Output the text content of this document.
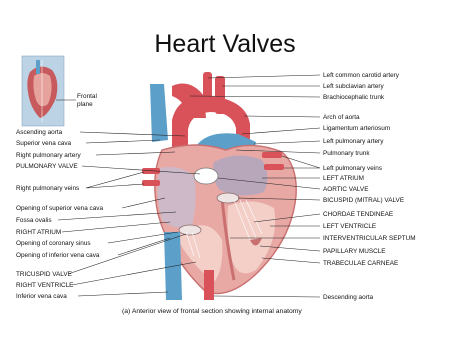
Heart Valves
Frontal
plane
Ascending aorta
Superior vena cava
Right pulmonary artery
PULMONARY VALVE
Right pulmonary veins
Opening of superior vena cava
Fossa ovalis
RIGHT ATRIUM
Opening of coronary sinus
Opening of inferior vena cava
TRICUSPID VALVE
RIGHT VENTRICLE
Inferior vena cava
Left common carotid artery
Left subclavian artery
Brachiocephalic trunk
Arch of aorta
Ligamentum arteriosum
Left pulmonary artery
Pulmonary trunk
Left pulmonary veins
LEFT ATRIUM
AORTIC VALVE
BICUSPID (MITRAL) VALVE
CHORDAE TENDINEAE
LEFT VENTRICLE
INTERVENTRICULAR SEPTUM
PAPILLARY MUSCLE
TRABECULAE CARNEAE
Descending aorta
(a) Anterior view of frontal section showing internal anatomy
